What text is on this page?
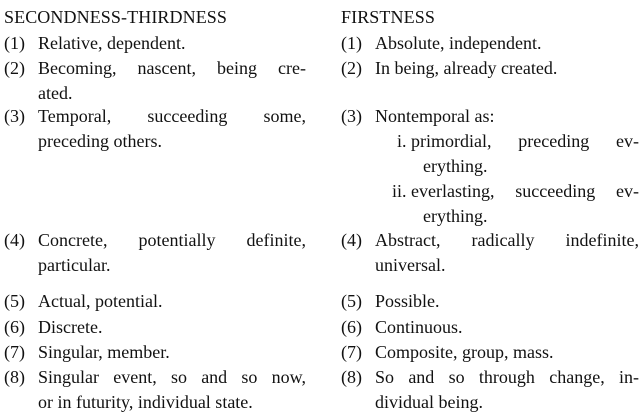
SECONDNESS-THIRDNESS
(1) Relative, dependent.
(2) Becoming, nascent, being cre-
ated.
(3) Temporal, succeeding some,
preceding others.
(4) Concrete, potentially definite,
particular.
(5) Actual, potential.
(6) Discrete.
(7) Singular, member.
(8) Singular event, so and so now,
or in futurity, individual state.
FIRSTNESS
(1) Absolute, independent.
(2) In being, already created.
(3) Nontemporal as:
i. primordial, preceding ev-
erything.
ii. everlasting, succeeding ev-
erything.
(4) Abstract, radically indefinite,
universal.
(5) Possible.
(6) Continuous.
(7) Composite, group, mass.
(8) So and so through change, in-
dividual being.
